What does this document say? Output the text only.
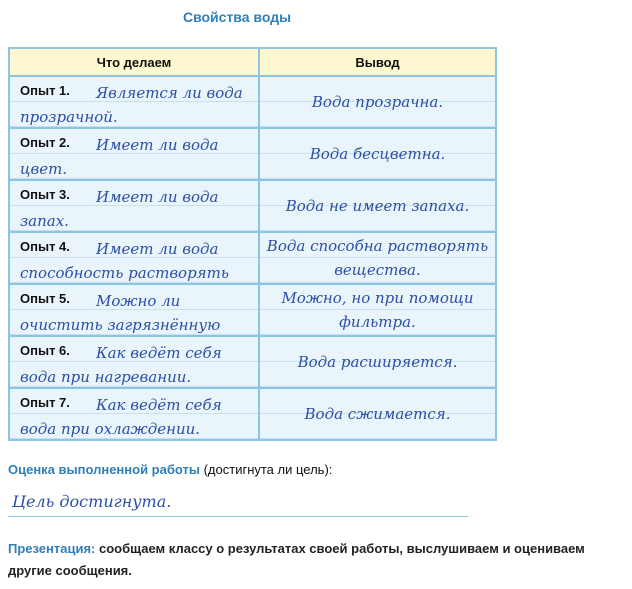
Свойства воды
Что делаем	Вывод

Опыт 1. Является ли вода прозрачной.	Вода прозрачна.

Опыт 2. Имеет ли вода цвет.	Вода бесцветна.

Опыт 3. Имеет ли вода запах.	Вода не имеет запаха.

Опыт 4. Имеет ли вода способность растворять	Вода способна растворять вещества.

Опыт 5. Можно ли очистить загрязнённую	Можно, но при помощи фильтра.

Опыт 6. Как ведёт себя вода при нагревании.	Вода расширяется.

Опыт 7. Как ведёт себя вода при охлаждении.	Вода сжимается.
Оценка выполненной работы (достигнута ли цель):
Цель достигнута.
Презентация: сообщаем классу о результатах своей работы, выслушиваем и оцениваем другие сообщения.
